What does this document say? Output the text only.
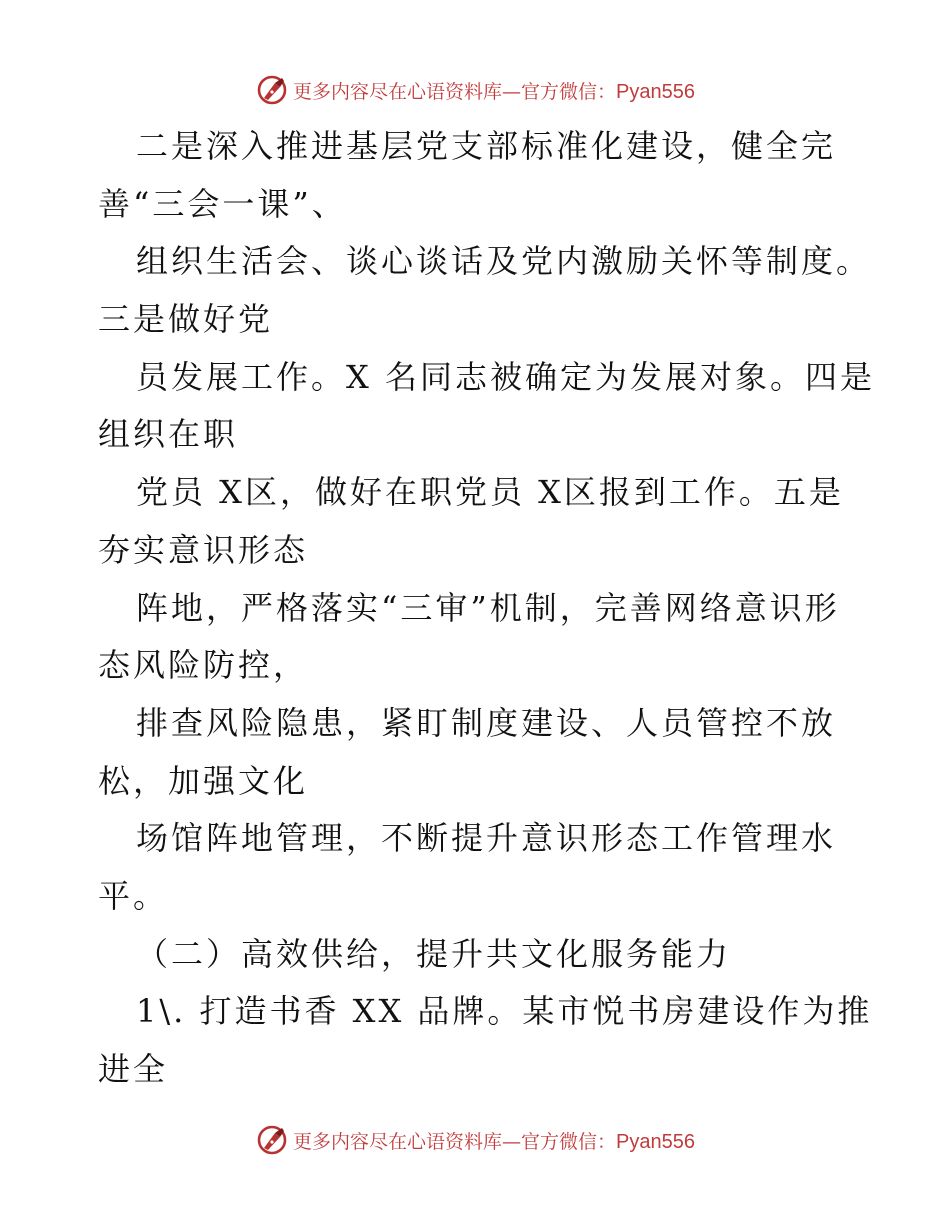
更多内容尽在心语资料库—官方微信：Pyan556
二是深入推进基层党支部标准化建设，健全完
善“三会一课”、
组织生活会、谈心谈话及党内激励关怀等制度。
三是做好党
员发展工作。X 名同志被确定为发展对象。四是
组织在职
党员 X区，做好在职党员 X区报到工作。五是
夯实意识形态
阵地，严格落实“三审”机制，完善网络意识形
态风险防控，
排查风险隐患，紧盯制度建设、人员管控不放
松，加强文化
场馆阵地管理，不断提升意识形态工作管理水
平。
（二）高效供给，提升共文化服务能力
1\. 打造书香 XX 品牌。某市悦书房建设作为推
进全
更多内容尽在心语资料库—官方微信：Pyan556
